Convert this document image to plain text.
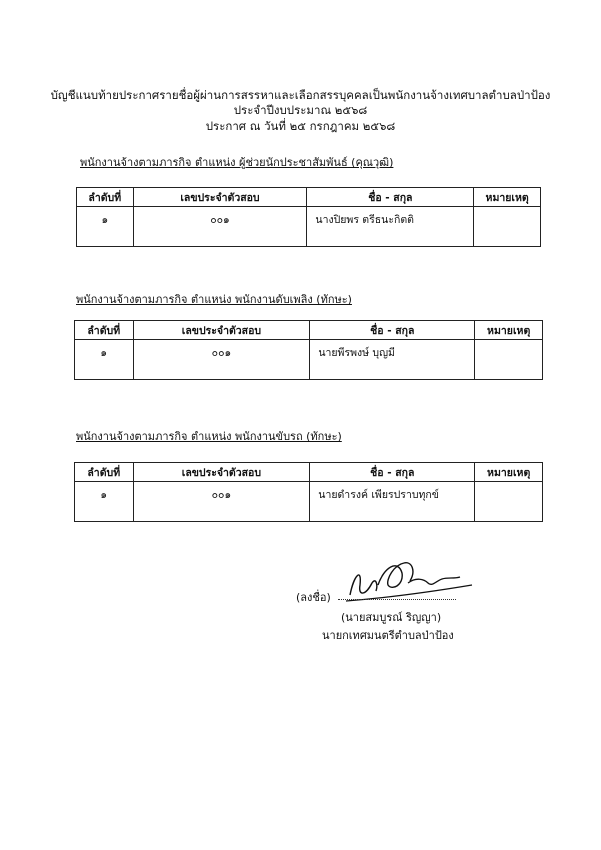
บัญชีแนบท้ายประกาศรายชื่อผู้ผ่านการสรรหาและเลือกสรรบุคคลเป็นพนักงานจ้างเทศบาลตำบลป่าป้อง
ประจำปีงบประมาณ ๒๕๖๘
ประกาศ ณ วันที่ ๒๕ กรกฎาคม ๒๕๖๘
พนักงานจ้างตามภารกิจ ตำแหน่ง ผู้ช่วยนักประชาสัมพันธ์ (คุณวุฒิ)
ลำดับที่	เลขประจำตัวสอบ	ชื่อ - สกุล	หมายเหตุ
๑	๐๐๑	นางปิยพร ตรีธนะกิตติ	
พนักงานจ้างตามภารกิจ ตำแหน่ง พนักงานดับเพลิง (ทักษะ)
ลำดับที่	เลขประจำตัวสอบ	ชื่อ - สกุล	หมายเหตุ
๑	๐๐๑	นายพีรพงษ์ บุญมี	
พนักงานจ้างตามภารกิจ ตำแหน่ง พนักงานขับรถ (ทักษะ)
ลำดับที่	เลขประจำตัวสอบ	ชื่อ - สกุล	หมายเหตุ
๑	๐๐๑	นายดำรงค์ เพียรปราบทุกข์	
(ลงชื่อ)
(นายสมบูรณ์ ริญญา)
นายกเทศมนตรีตำบลป่าป้อง
